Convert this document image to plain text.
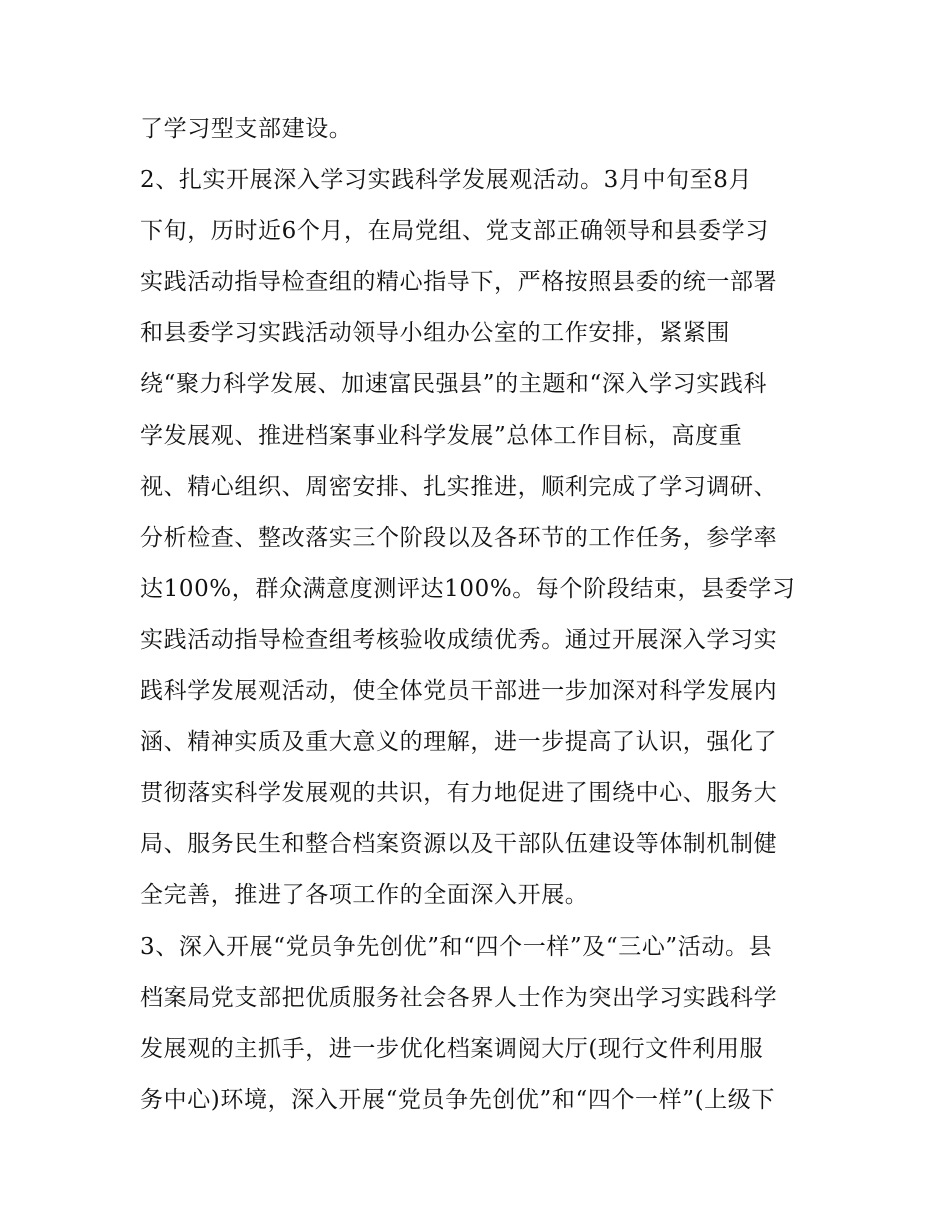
了学习型支部建设。
2、扎实开展深入学习实践科学发展观活动。3月中旬至8月
下旬，历时近6个月，在局党组、党支部正确领导和县委学习
实践活动指导检查组的精心指导下，严格按照县委的统一部署
和县委学习实践活动领导小组办公室的工作安排，紧紧围
绕“聚力科学发展、加速富民强县”的主题和“深入学习实践科
学发展观、推进档案事业科学发展”总体工作目标，高度重
视、精心组织、周密安排、扎实推进，顺利完成了学习调研、
分析检查、整改落实三个阶段以及各环节的工作任务，参学率
达100%，群众满意度测评达100%。每个阶段结束，县委学习
实践活动指导检查组考核验收成绩优秀。通过开展深入学习实
践科学发展观活动，使全体党员干部进一步加深对科学发展内
涵、精神实质及重大意义的理解，进一步提高了认识，强化了
贯彻落实科学发展观的共识，有力地促进了围绕中心、服务大
局、服务民生和整合档案资源以及干部队伍建设等体制机制健
全完善，推进了各项工作的全面深入开展。
3、深入开展“党员争先创优”和“四个一样”及“三心”活动。县
档案局党支部把优质服务社会各界人士作为突出学习实践科学
发展观的主抓手，进一步优化档案调阅大厅(现行文件利用服
务中心)环境，深入开展“党员争先创优”和“四个一样”(上级下
